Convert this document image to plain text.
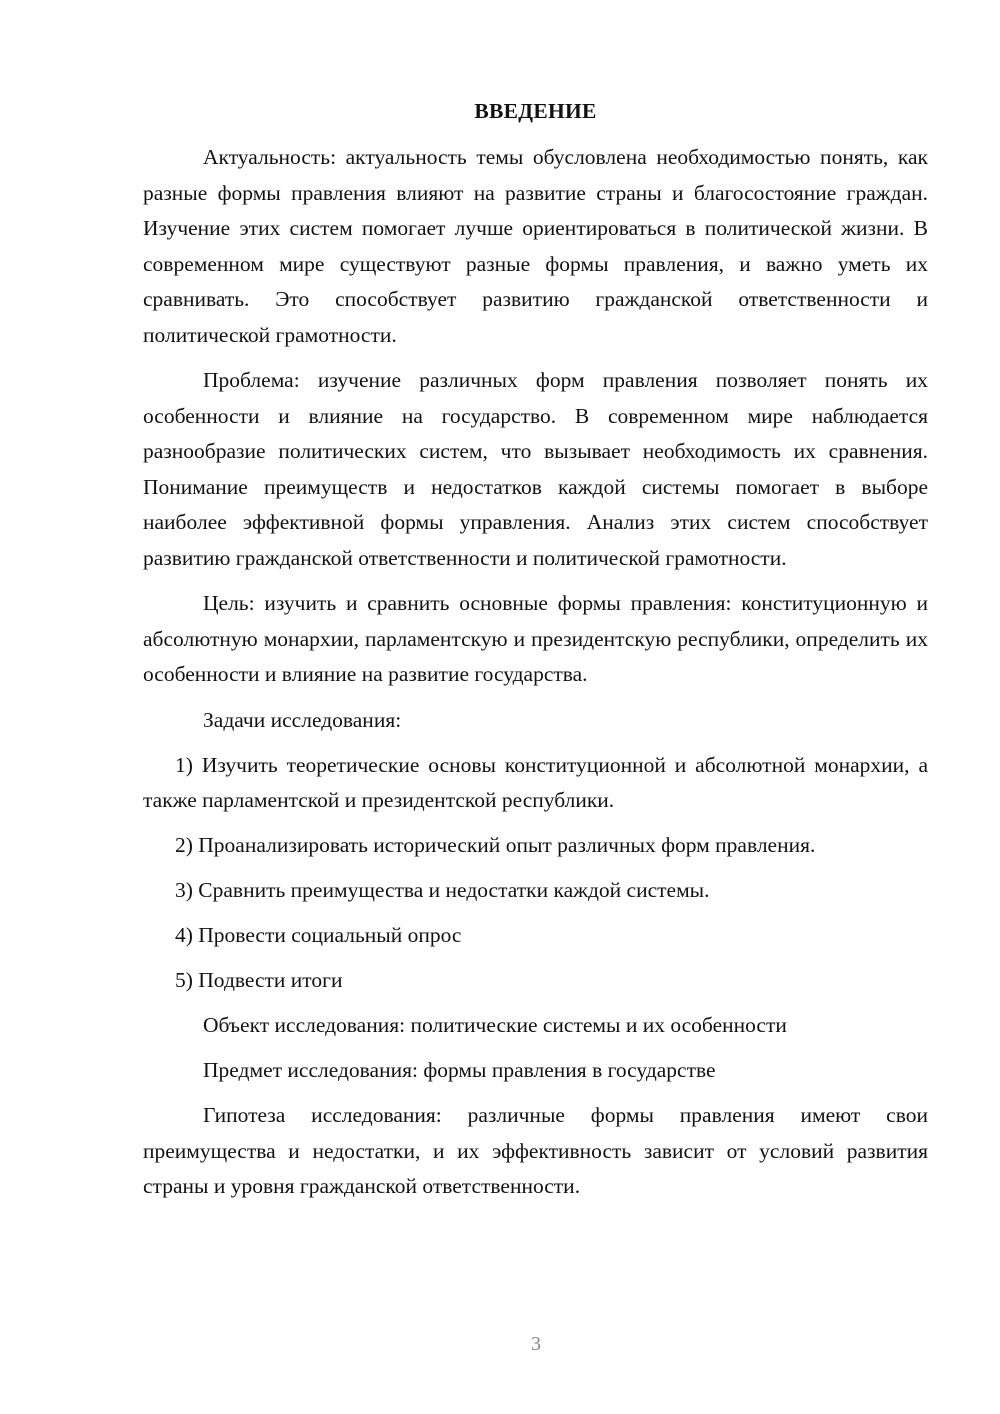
ВВЕДЕНИЕ
Актуальность: актуальность темы обусловлена необходимостью понять, как разные формы правления влияют на развитие страны и благосостояние граждан. Изучение этих систем помогает лучше ориентироваться в политической жизни. В современном мире существуют разные формы правления, и важно уметь их сравнивать. Это способствует развитию гражданской ответственности и политической грамотности.
Проблема: изучение различных форм правления позволяет понять их особенности и влияние на государство. В современном мире наблюдается разнообразие политических систем, что вызывает необходимость их сравнения. Понимание преимуществ и недостатков каждой системы помогает в выборе наиболее эффективной формы управления. Анализ этих систем способствует развитию гражданской ответственности и политической грамотности.
Цель: изучить и сравнить основные формы правления: конституционную и абсолютную монархии, парламентскую и президентскую республики, определить их особенности и влияние на развитие государства.
Задачи исследования:
1) Изучить теоретические основы конституционной и абсолютной монархии, а также парламентской и президентской республики.
2) Проанализировать исторический опыт различных форм правления.
3) Сравнить преимущества и недостатки каждой системы.
4) Провести социальный опрос
5) Подвести итоги
Объект исследования: политические системы и их особенности
Предмет исследования: формы правления в государстве
Гипотеза исследования: различные формы правления имеют свои преимущества и недостатки, и их эффективность зависит от условий развития страны и уровня гражданской ответственности.
3
